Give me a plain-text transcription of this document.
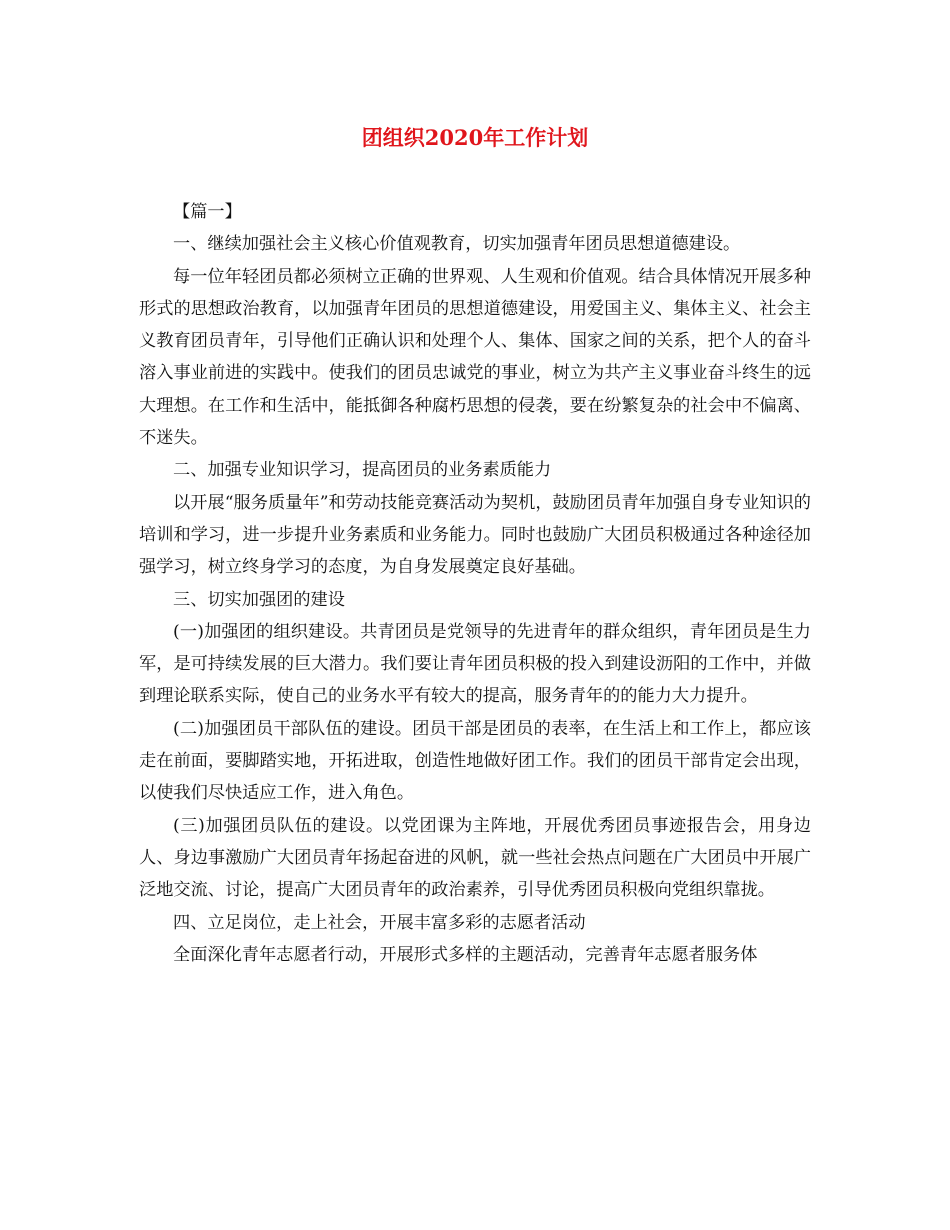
团组织2020年工作计划

【篇一】

一、继续加强社会主义核心价值观教育，切实加强青年团员思想道德建设。

每一位年轻团员都必须树立正确的世界观、人生观和价值观。结合具体情况开展多种形式的思想政治教育，以加强青年团员的思想道德建设，用爱国主义、集体主义、社会主义教育团员青年，引导他们正确认识和处理个人、集体、国家之间的关系，把个人的奋斗溶入事业前进的实践中。使我们的团员忠诚党的事业，树立为共产主义事业奋斗终生的远大理想。在工作和生活中，能抵御各种腐朽思想的侵袭，要在纷繁复杂的社会中不偏离、不迷失。

二、加强专业知识学习，提高团员的业务素质能力

以开展“服务质量年”和劳动技能竞赛活动为契机，鼓励团员青年加强自身专业知识的培训和学习，进一步提升业务素质和业务能力。同时也鼓励广大团员积极通过各种途径加强学习，树立终身学习的态度，为自身发展奠定良好基础。

三、切实加强团的建设

(一)加强团的组织建设。共青团员是党领导的先进青年的群众组织，青年团员是生力军，是可持续发展的巨大潜力。我们要让青年团员积极的投入到建设沥阳的工作中，并做到理论联系实际，使自己的业务水平有较大的提高，服务青年的的能力大力提升。

(二)加强团员干部队伍的建设。团员干部是团员的表率，在生活上和工作上，都应该走在前面，要脚踏实地，开拓进取，创造性地做好团工作。我们的团员干部肯定会出现，以使我们尽快适应工作，进入角色。

(三)加强团员队伍的建设。以党团课为主阵地，开展优秀团员事迹报告会，用身边人、身边事激励广大团员青年扬起奋进的风帆，就一些社会热点问题在广大团员中开展广泛地交流、讨论，提高广大团员青年的政治素养，引导优秀团员积极向党组织靠拢。

四、立足岗位，走上社会，开展丰富多彩的志愿者活动

全面深化青年志愿者行动，开展形式多样的主题活动，完善青年志愿者服务体
